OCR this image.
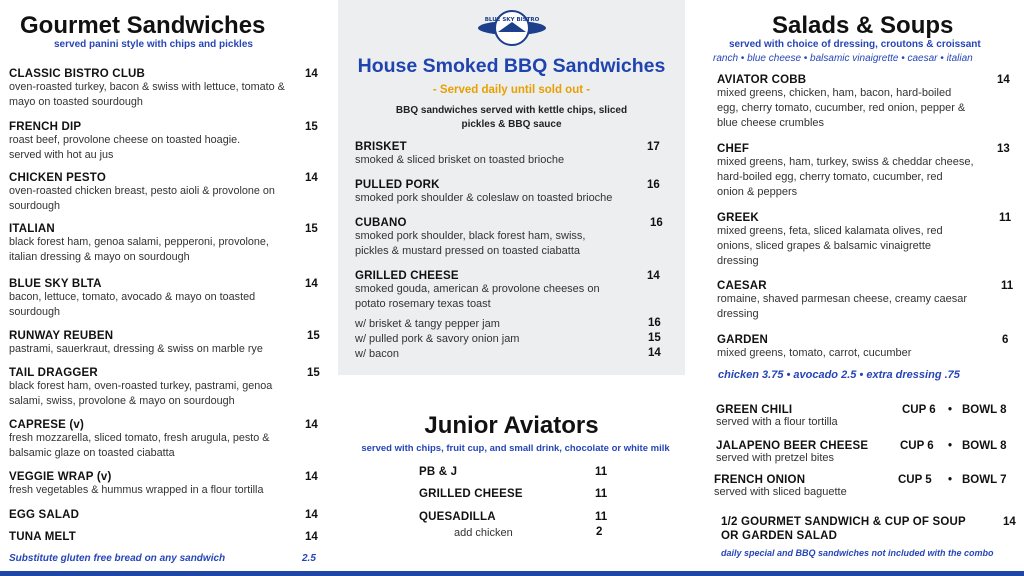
Gourmet Sandwiches
served panini style with chips and pickles
CLASSIC BISTRO CLUB	14
oven-roasted turkey, bacon & swiss with lettuce, tomato &
mayo on toasted sourdough
FRENCH DIP	15
roast beef, provolone cheese on toasted hoagie.
served with hot au jus
CHICKEN PESTO	14
oven-roasted chicken breast, pesto aioli & provolone on
sourdough
ITALIAN	15
black forest ham, genoa salami, pepperoni, provolone,
italian dressing & mayo on sourdough
BLUE SKY BLTA	14
bacon, lettuce, tomato, avocado & mayo on toasted
sourdough
RUNWAY REUBEN	15
pastrami, sauerkraut, dressing & swiss on marble rye
TAIL DRAGGER	15
black forest ham, oven-roasted turkey, pastrami, genoa
salami, swiss, provolone & mayo on sourdough
CAPRESE (v)	14
fresh mozzarella, sliced tomato, fresh arugula, pesto &
balsamic glaze on toasted ciabatta
VEGGIE WRAP (v)	14
fresh vegetables & hummus wrapped in a flour tortilla
EGG SALAD	14
TUNA MELT	14
Substitute gluten free bread on any sandwich	2.5
BLUE SKY BISTRO
House Smoked BBQ Sandwiches
- Served daily until sold out -
BBQ sandwiches served with kettle chips, sliced
pickles & BBQ sauce
BRISKET	17
smoked & sliced brisket on toasted brioche
PULLED PORK	16
smoked pork shoulder & coleslaw on toasted brioche
CUBANO	16
smoked pork shoulder, black forest ham, swiss,
pickles & mustard pressed on toasted ciabatta
GRILLED CHEESE	14
smoked gouda, american & provolone cheeses on
potato rosemary texas toast
w/ brisket & tangy pepper jam	16
w/ pulled pork & savory onion jam	15
w/ bacon	14
Junior Aviators
served with chips, fruit cup, and small drink, chocolate or white milk
PB & J	11
GRILLED CHEESE	11
QUESADILLA	11
add chicken	2
Salads & Soups
served with choice of dressing, croutons & croissant
ranch • blue cheese • balsamic vinaigrette • caesar • italian
AVIATOR COBB	14
mixed greens, chicken, ham, bacon, hard-boiled
egg, cherry tomato, cucumber, red onion, pepper &
blue cheese crumbles
CHEF	13
mixed greens, ham, turkey, swiss & cheddar cheese,
hard-boiled egg, cherry tomato, cucumber, red
onion & peppers
GREEK	11
mixed greens, feta, sliced kalamata olives, red
onions, sliced grapes & balsamic vinaigrette
dressing
CAESAR	11
romaine, shaved parmesan cheese, creamy caesar
dressing
GARDEN	6
mixed greens, tomato, carrot, cucumber
chicken 3.75 • avocado 2.5 • extra dressing .75
GREEN CHILI	CUP 6 • BOWL 8
served with a flour tortilla
JALAPENO BEER CHEESE	CUP 6 • BOWL 8
served with pretzel bites
FRENCH ONION	CUP 5 • BOWL 7
served with sliced baguette
1/2 GOURMET SANDWICH & CUP OF SOUP
OR GARDEN SALAD
14
daily special and BBQ sandwiches not included with the combo
